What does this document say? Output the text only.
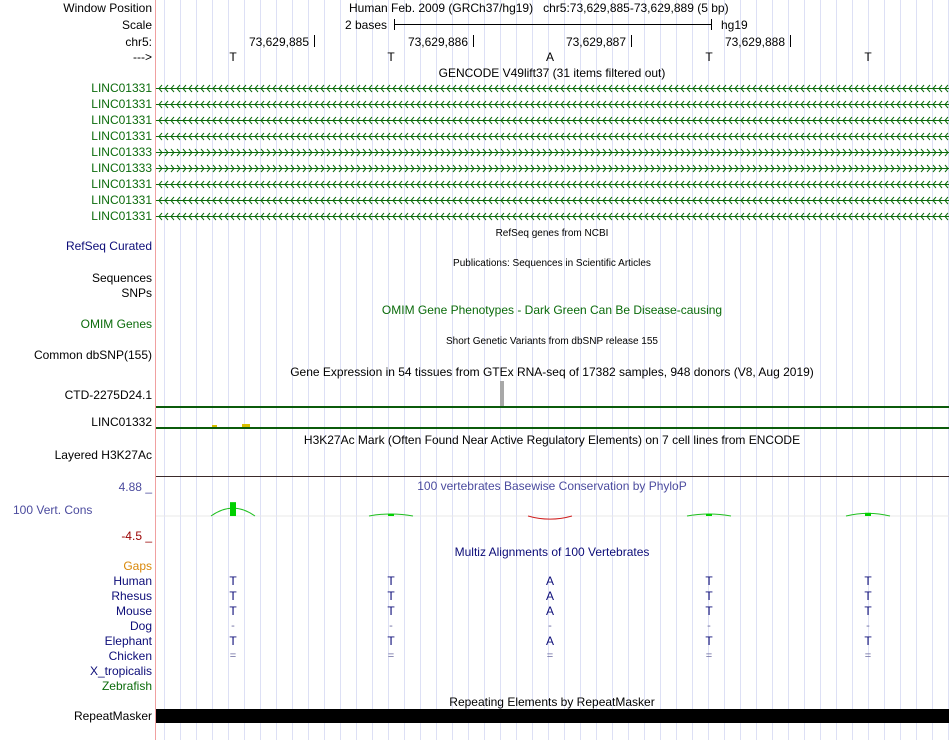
Window Position	Human Feb. 2009 (GRCh37/hg19)   chr5:73,629,885-73,629,889 (5 bp)
Scale	2 bases	hg19
chr5:	73,629,885	73,629,886	73,629,887	73,629,888
--->	T	T	A	T	T
GENCODE V49lift37 (31 items filtered out)
LINC01331
LINC01331
LINC01331
LINC01331
LINC01333
LINC01333
LINC01331
LINC01331
LINC01331
RefSeq genes from NCBI
RefSeq Curated
Publications: Sequences in Scientific Articles
Sequences
SNPs
OMIM Gene Phenotypes - Dark Green Can Be Disease-causing
OMIM Genes
Short Genetic Variants from dbSNP release 155
Common dbSNP(155)
Gene Expression in 54 tissues from GTEx RNA-seq of 17382 samples, 948 donors (V8, Aug 2019)
CTD-2275D24.1
LINC01332
H3K27Ac Mark (Often Found Near Active Regulatory Elements) on 7 cell lines from ENCODE
Layered H3K27Ac
100 vertebrates Basewise Conservation by PhyloP
4.88 _
100 Vert. Cons
-4.5 _
Multiz Alignments of 100 Vertebrates
Gaps
Human	T	T	A	T	T
Rhesus	T	T	A	T	T
Mouse	T	T	A	T	T
Dog	-	-	-	-	-
Elephant	T	T	A	T	T
Chicken	=	=	=	=	=
X_tropicalis
Zebrafish
Repeating Elements by RepeatMasker
RepeatMasker
